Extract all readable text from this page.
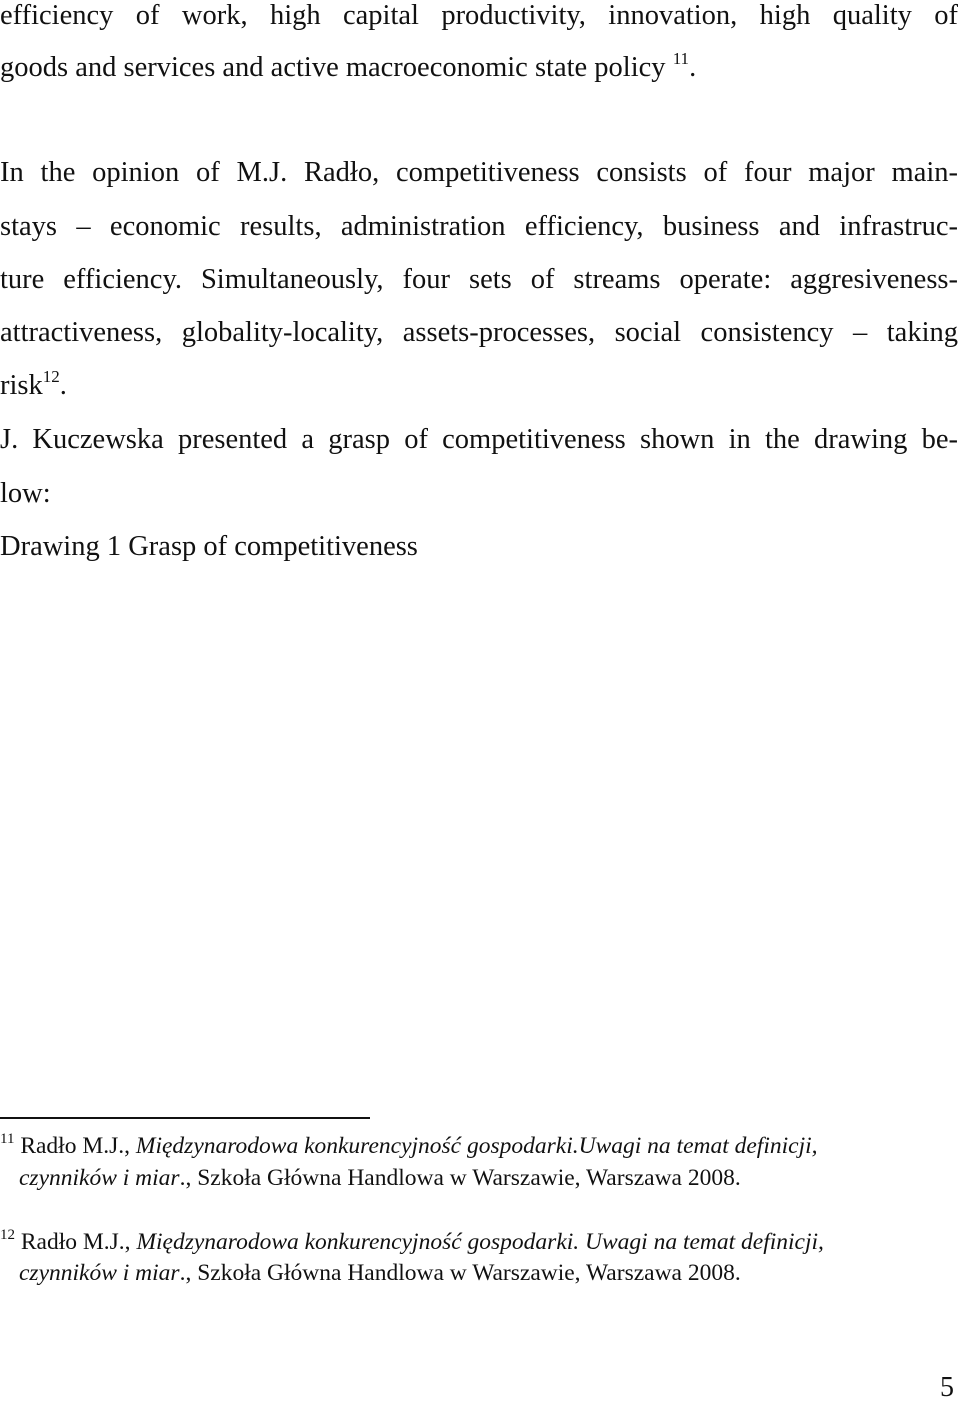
efficiency of work, high capital productivity, innovation, high quality of
goods and services and active macroeconomic state policy $^{11}$.
In the opinion of M.J. Radło, competitiveness consists of four major main-
stays – economic results, administration efficiency, business and infrastruc-
ture efficiency. Simultaneously, four sets of streams operate: aggresiveness-
attractiveness, globality-locality, assets-processes, social consistency – taking
risk$^{12}$.
J. Kuczewska presented a grasp of competitiveness shown in the drawing be-
low:
Drawing 1 Grasp of competitiveness
$^{11}$ Radło M.J., Międzynarodowa konkurencyjność gospodarki.Uwagi na temat definicji,
czynników i miar., Szkoła Główna Handlowa w Warszawie, Warszawa 2008.
$^{12}$ Radło M.J., Międzynarodowa konkurencyjność gospodarki. Uwagi na temat definicji,
czynników i miar., Szkoła Główna Handlowa w Warszawie, Warszawa 2008.
5
